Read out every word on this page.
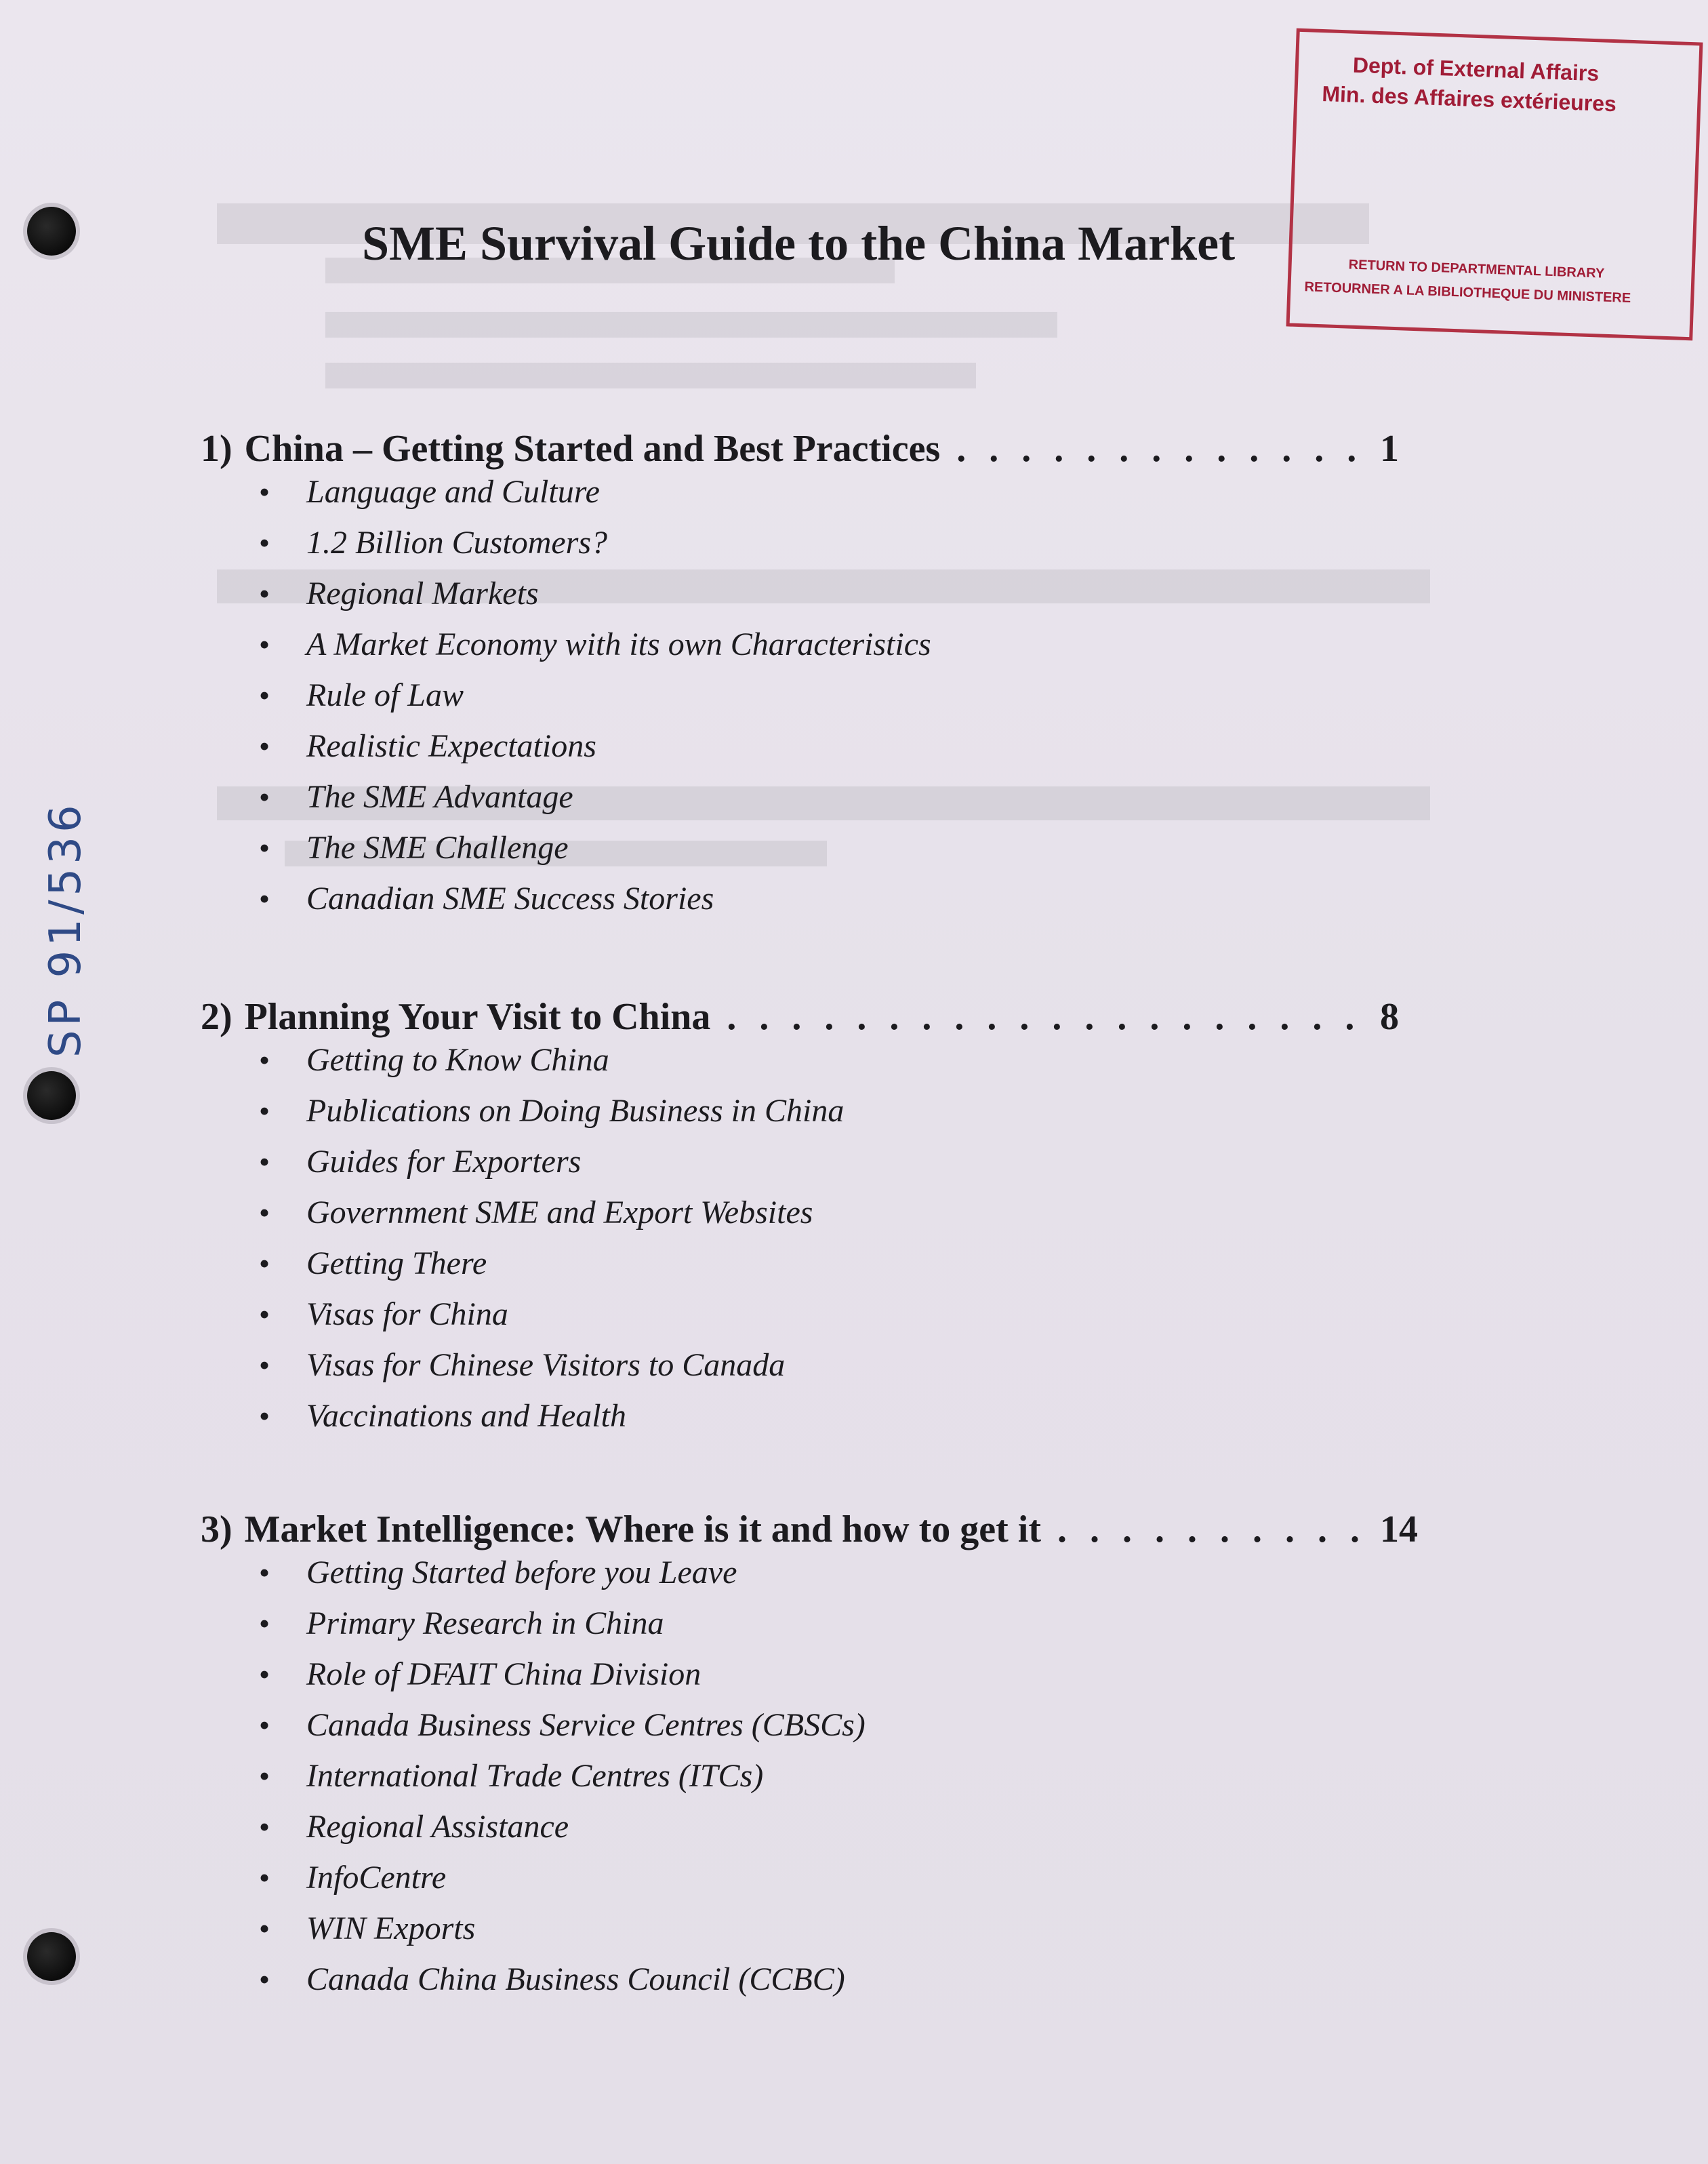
Dept. of External Affairs
Min. des Affaires extérieures
RETURN TO DEPARTMENTAL LIBRARY
RETOURNER A LA BIBLIOTHEQUE DU MINISTERE
SP 91/536
SME Survival Guide to the China Market
1) China – Getting Started and Best Practices . . .	1
• Language and Culture
• 1.2 Billion Customers?
• Regional Markets
• A Market Economy with its own Characteristics
• Rule of Law
• Realistic Expectations
• The SME Advantage
• The SME Challenge
• Canadian SME Success Stories
2) Planning Your Visit to China . . .	8
• Getting to Know China
• Publications on Doing Business in China
• Guides for Exporters
• Government SME and Export Websites
• Getting There
• Visas for China
• Visas for Chinese Visitors to Canada
• Vaccinations and Health
3) Market Intelligence: Where is it and how to get it . . .	14
• Getting Started before you Leave
• Primary Research in China
• Role of DFAIT China Division
• Canada Business Service Centres (CBSCs)
• International Trade Centres (ITCs)
• Regional Assistance
• InfoCentre
• WIN Exports
• Canada China Business Council (CCBC)
